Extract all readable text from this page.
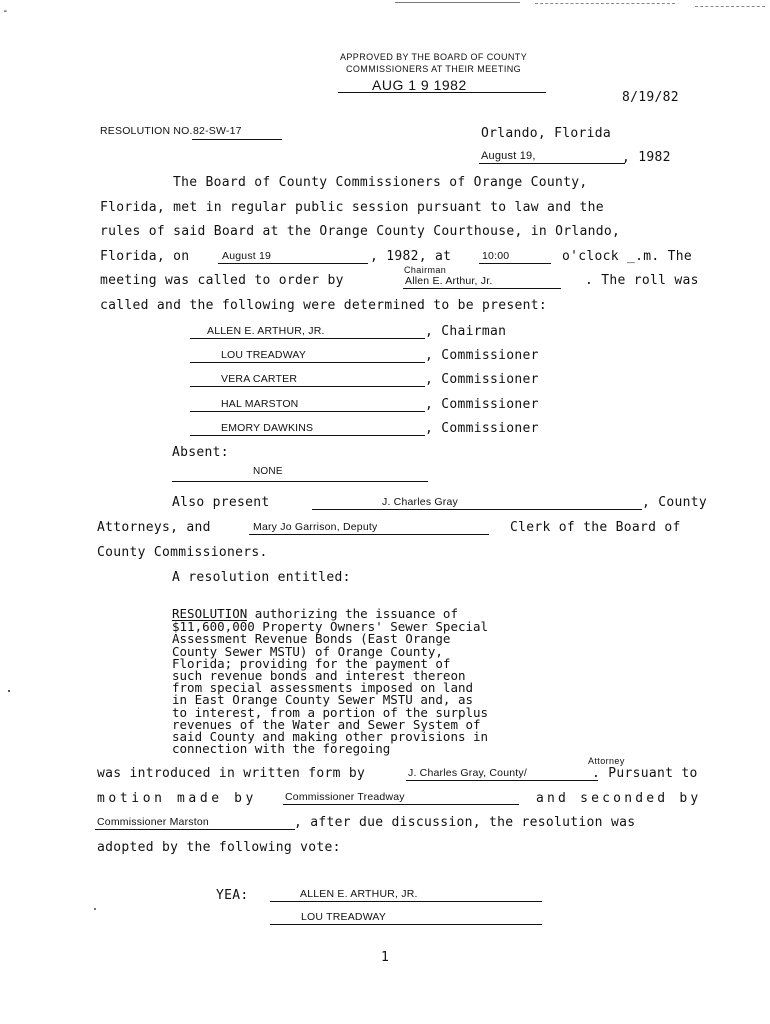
-
APPROVED BY THE BOARD OF COUNTY
COMMISSIONERS AT THEIR MEETING
AUG 1 9 1982
8/19/82
RESOLUTION NO. 82-SW-17	Orlando, Florida
August 19,	, 1982
The Board of County Commissioners of Orange County,
Florida, met in regular public session pursuant to law and the
rules of said Board at the Orange County Courthouse, in Orlando,
Florida, on	August 19	, 1982, at	10:00	o'clock _.m. The
Chairman
meeting was called to order by	Allen E. Arthur, Jr.	. The roll was
called and the following were determined to be present:
ALLEN E. ARTHUR, JR.	, Chairman
LOU TREADWAY	, Commissioner
VERA CARTER	, Commissioner
HAL MARSTON	, Commissioner
EMORY DAWKINS	, Commissioner
Absent:
NONE
Also present	J. Charles Gray	, County
Attorneys, and	Mary Jo Garrison, Deputy	Clerk of the Board of
County Commissioners.
A resolution entitled:

RESOLUTION authorizing the issuance of

$11,600,000 Property Owners' Sewer Special

Assessment Revenue Bonds (East Orange

County Sewer MSTU) of Orange County,

Florida; providing for the payment of

such revenue bonds and interest thereon

from special assessments imposed on land

in East Orange County Sewer MSTU and, as

to interest, from a portion of the surplus

revenues of the Water and Sewer System of

said County and making other provisions in

connection with the foregoing

Attorney
was introduced in written form by	J. Charles Gray, County/	. Pursuant to
motion made by	Commissioner Treadway	and seconded by
Commissioner Marston	, after due discussion, the resolution was
adopted by the following vote:
YEA:	ALLEN E. ARTHUR, JR.
LOU TREADWAY
1
